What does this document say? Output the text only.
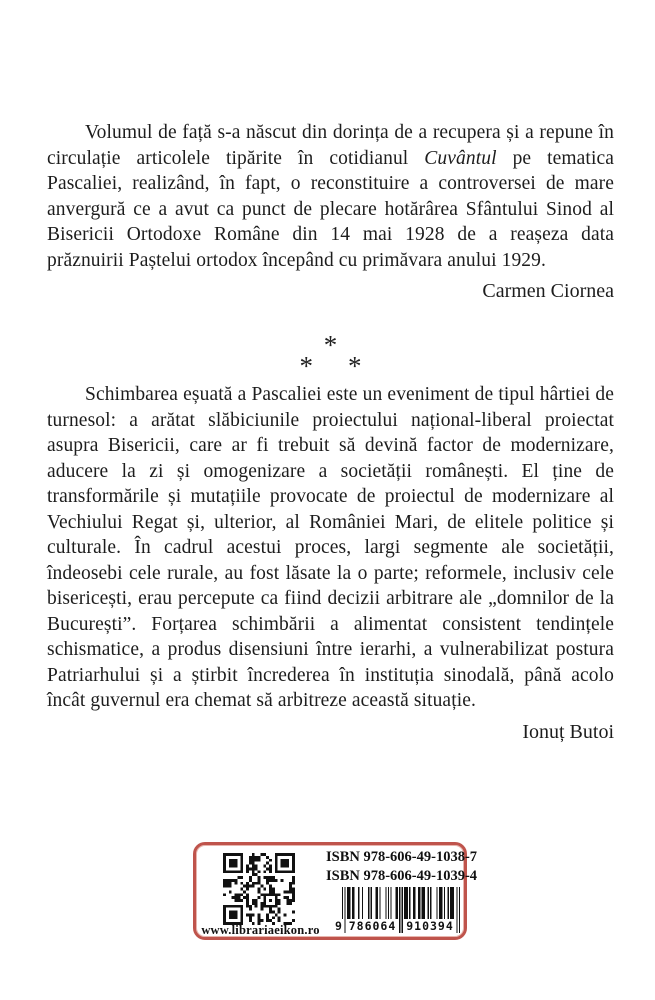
Volumul de față s-a născut din dorința de a recupera și a repune în circulație articolele tipărite în cotidianul Cuvântul pe tematica Pascaliei, realizând, în fapt, o reconstituire a controversei de mare anvergură ce a avut ca punct de plecare hotărârea Sfântului Sinod al Bisericii Ortodoxe Române din 14 mai 1928 de a reașeza data prăznuirii Paștelui ortodox începând cu primăvara anului 1929.

Carmen Ciornea

*
* *

Schimbarea eșuată a Pascaliei este un eveniment de tipul hârtiei de turnesol: a arătat slăbiciunile proiectului național-liberal proiectat asupra Bisericii, care ar fi trebuit să devină factor de modernizare, aducere la zi și omogenizare a societății românești. El ține de transformările și mutațiile provocate de proiectul de modernizare al Vechiului Regat și, ulterior, al României Mari, de elitele politice și culturale. În cadrul acestui proces, largi segmente ale societății, îndeosebi cele rurale, au fost lăsate la o parte; reformele, inclusiv cele bisericești, erau percepute ca fiind decizii arbitrare ale „domnilor de la București”. Forțarea schimbării a alimentat consistent tendințele schismatice, a produs disensiuni între ierarhi, a vulnerabilizat postura Patriarhului și a știrbit încrederea în instituția sinodală, până acolo încât guvernul era chemat să arbitreze această situație.

Ionuț Butoi

www.librariaeikon.ro
ISBN 978-606-49-1038-7
ISBN 978-606-49-1039-4
9 786064 910394
